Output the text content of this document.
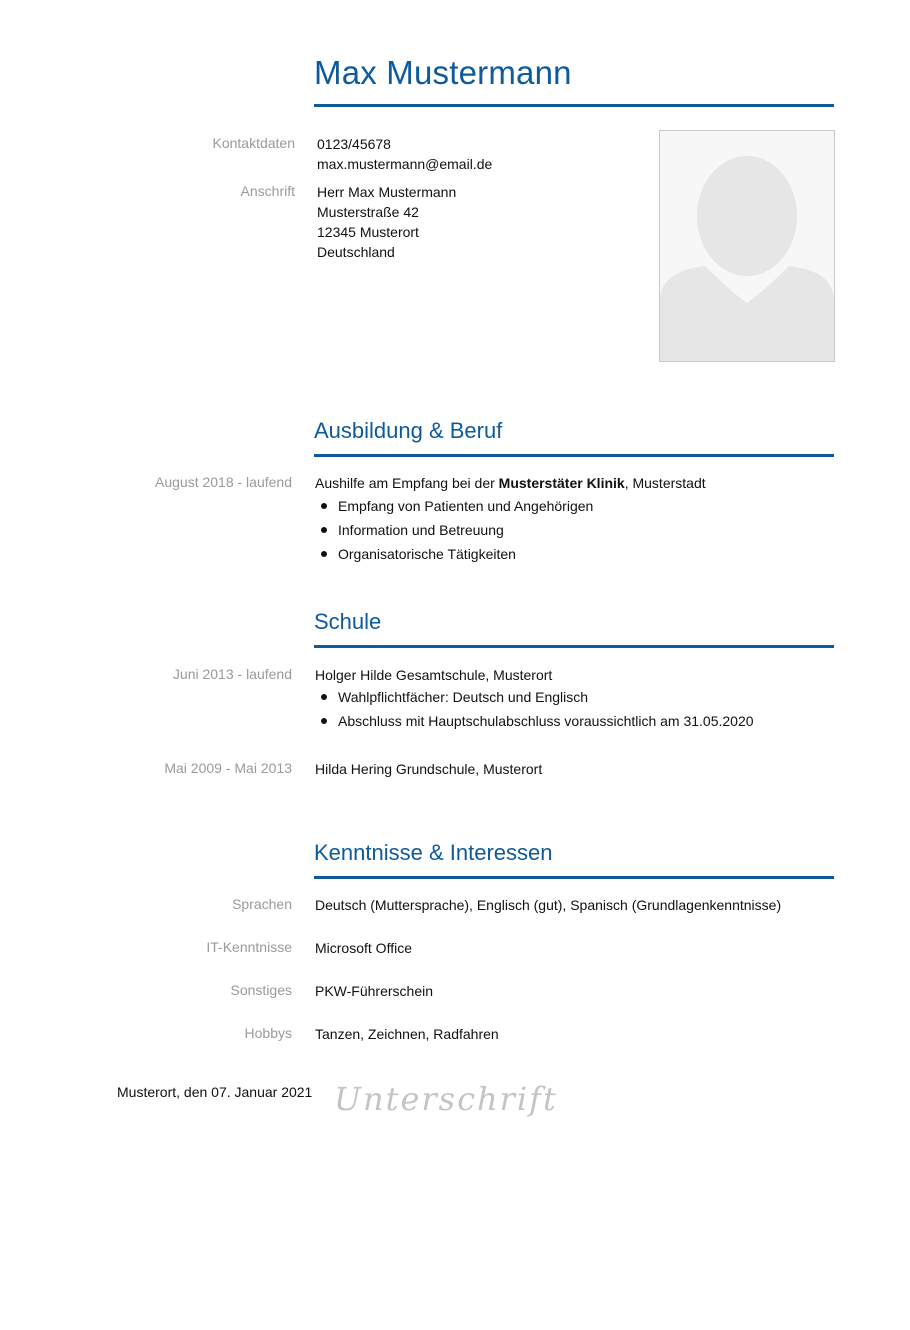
Max Mustermann
Kontaktdaten 0123/45678
max.mustermann@email.de
Anschrift Herr Max Mustermann
Musterstraße 42
12345 Musterort
Deutschland
Ausbildung & Beruf
August 2018 - laufend Aushilfe am Empfang bei der Musterstäter Klinik, Musterstadt
Empfang von Patienten und Angehörigen
Information und Betreuung
Organisatorische Tätigkeiten
Schule
Juni 2013 - laufend Holger Hilde Gesamtschule, Musterort
Wahlpflichtfächer: Deutsch und Englisch
Abschluss mit Hauptschulabschluss voraussichtlich am 31.05.2020
Mai 2009 - Mai 2013 Hilda Hering Grundschule, Musterort
Kenntnisse & Interessen
Sprachen Deutsch (Muttersprache), Englisch (gut), Spanisch (Grundlagenkenntnisse)
IT-Kenntnisse Microsoft Office
Sonstiges PKW-Führerschein
Hobbys Tanzen, Zeichnen, Radfahren
Musterort, den 07. Januar 2021 Unterschrift
